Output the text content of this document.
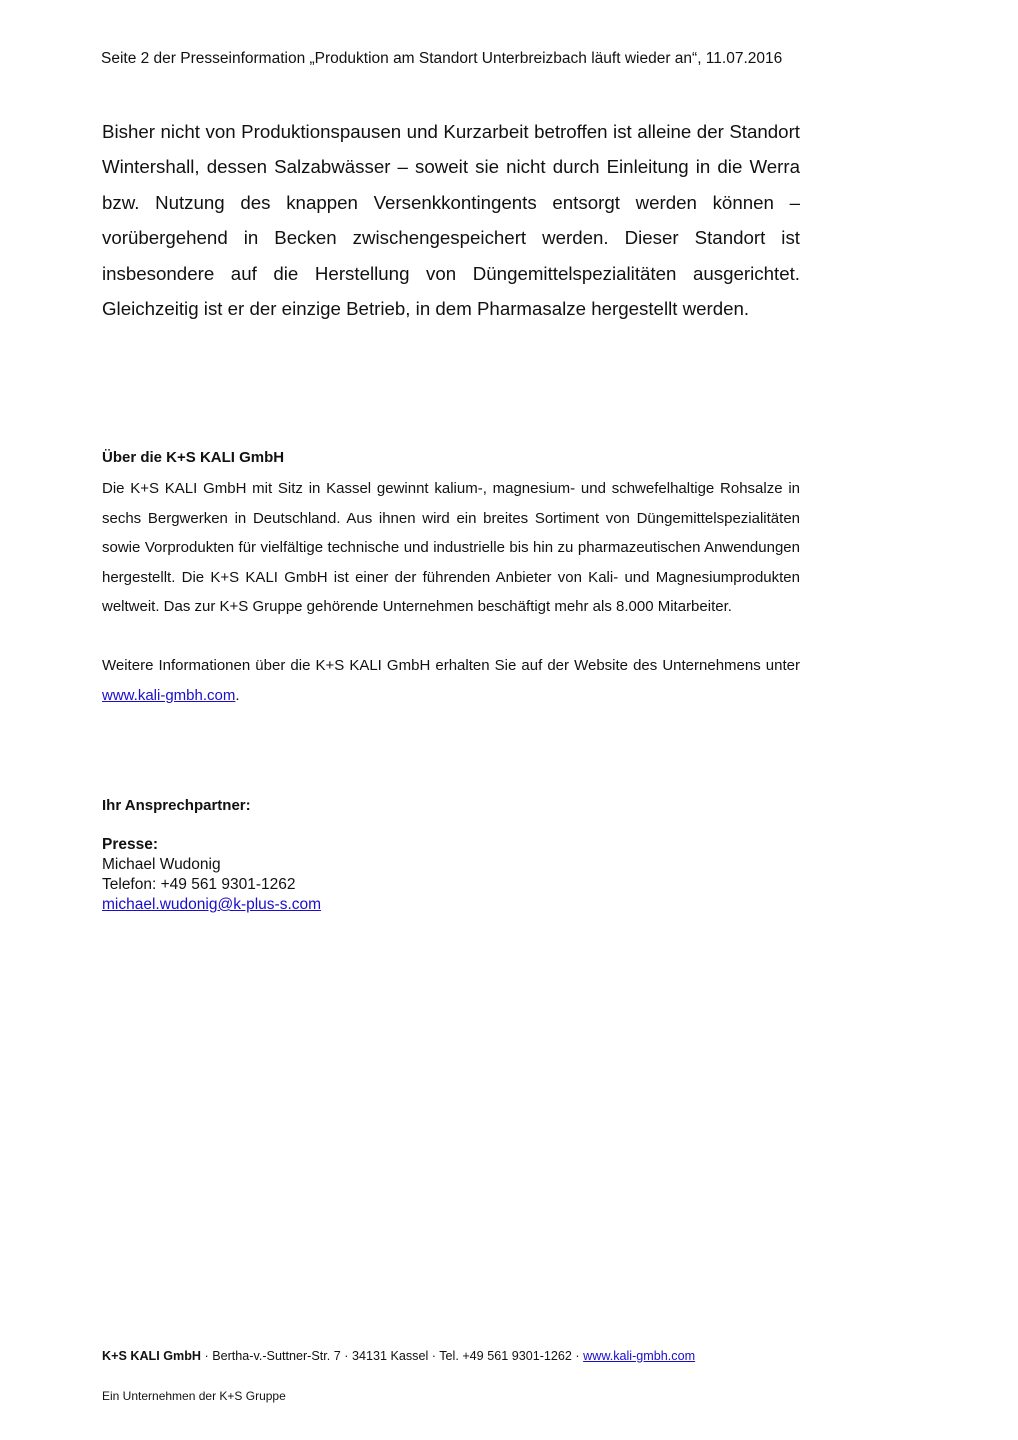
Seite 2 der Presseinformation „Produktion am Standort Unterbreizbach läuft wieder an“, 11.07.2016

Bisher nicht von Produktionspausen und Kurzarbeit betroffen ist alleine der Standort Wintershall, dessen Salzabwässer – soweit sie nicht durch Einleitung in die Werra bzw. Nutzung des knappen Versenkkontingents entsorgt werden können – vorübergehend in Becken zwischengespeichert werden. Dieser Standort ist insbesondere auf die Herstellung von Düngemittelspezialitäten ausgerichtet. Gleichzeitig ist er der einzige Betrieb, in dem Pharmasalze hergestellt werden.

Über die K+S KALI GmbH

Die K+S KALI GmbH mit Sitz in Kassel gewinnt kalium-, magnesium- und schwefelhaltige Rohsalze in sechs Bergwerken in Deutschland. Aus ihnen wird ein breites Sortiment von Düngemittelspezialitäten sowie Vorprodukten für vielfältige technische und industrielle bis hin zu pharmazeutischen Anwendungen hergestellt. Die K+S KALI GmbH ist einer der führenden Anbieter von Kali- und Magnesiumprodukten weltweit. Das zur K+S Gruppe gehörende Unternehmen beschäftigt mehr als 8.000 Mitarbeiter.

Weitere Informationen über die K+S KALI GmbH erhalten Sie auf der Website des Unternehmens unter www.kali-gmbh.com.

Ihr Ansprechpartner:
Presse:
Michael Wudonig
Telefon: +49 561 9301-1262
michael.wudonig@k-plus-s.com
K+S KALI GmbH · Bertha-v.-Suttner-Str. 7 · 34131 Kassel · Tel. +49 561 9301-1262 · www.kali-gmbh.com
Ein Unternehmen der K+S Gruppe
